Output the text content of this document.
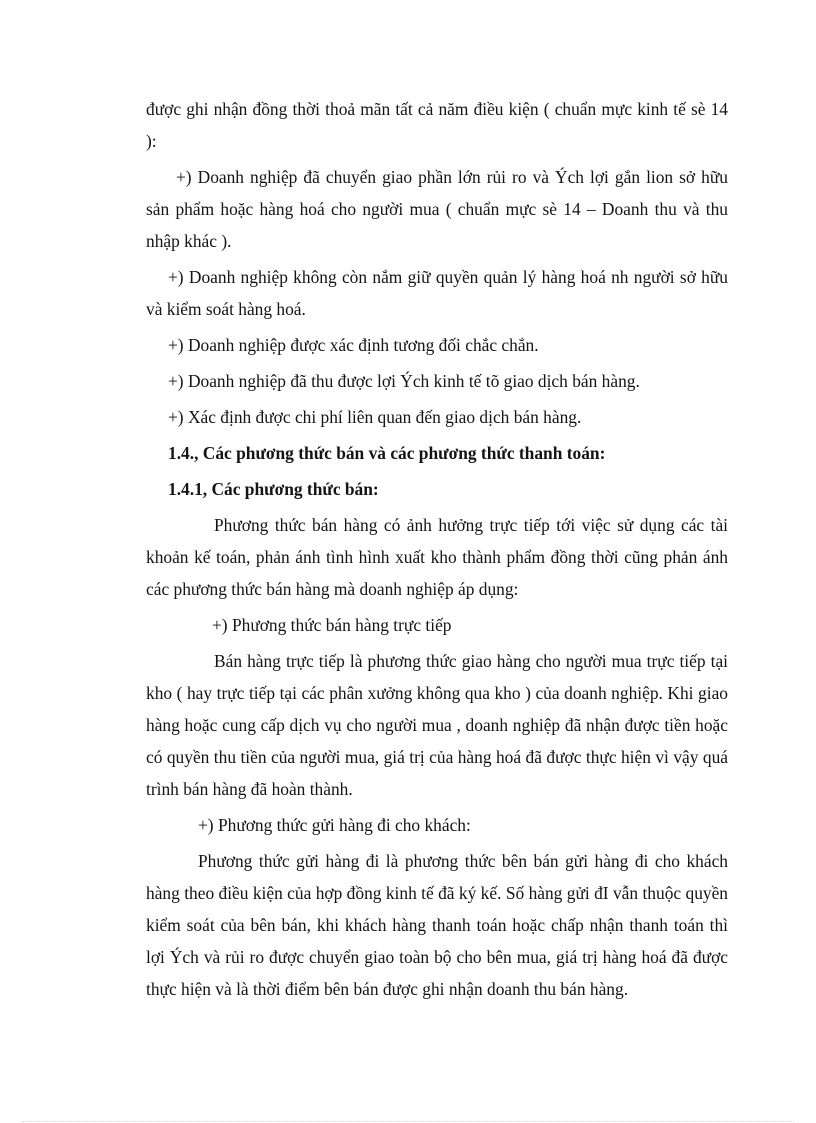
được ghi nhận đồng thời thoả mãn tất cả năm điều kiện ( chuẩn mực kinh tế sè 14 ):

+) Doanh nghiệp đã chuyển giao phần lớn rủi ro và Ých lợi gắn lion sở hữu sản phẩm hoặc hàng hoá cho người mua ( chuẩn mực sè 14 – Doanh thu và thu nhập khác ).

+) Doanh nghiệp không còn nắm giữ quyền quản lý hàng hoá nh người sở hữu và kiểm soát hàng hoá.

+) Doanh nghiệp được xác định tương đối chắc chắn.

+) Doanh nghiệp đã thu được lợi Ých kinh tế tõ giao dịch bán hàng.

+) Xác định được chi phí liên quan đến giao dịch bán hàng.

1.4., Các phương thức bán và các phương thức thanh toán:

1.4.1, Các phương thức bán:

Phương thức bán hàng có ảnh hưởng trực tiếp tới việc sử dụng các tài khoản kế toán, phản ánh tình hình xuất kho thành phẩm đồng thời cũng phản ánh các phương thức bán hàng mà doanh nghiệp áp dụng:

+) Phương thức bán hàng trực tiếp

Bán hàng trực tiếp là phương thức giao hàng cho người mua trực tiếp tại kho ( hay trực tiếp tại các phân xưởng không qua kho ) của doanh nghiệp. Khi giao hàng hoặc cung cấp dịch vụ cho người mua , doanh nghiệp đã nhận được tiền hoặc có quyền thu tiền của người mua, giá trị của hàng hoá đã được thực hiện vì vậy quá trình bán hàng đã hoàn thành.

+) Phương thức gửi hàng đi cho khách:

Phương thức gửi hàng đi là phương thức bên bán gửi hàng đi cho khách hàng theo điều kiện của hợp đồng kinh tế đã ký kế. Số hàng gửi đI vẫn thuộc quyền kiểm soát của bên bán, khi khách hàng thanh toán hoặc chấp nhận thanh toán thì lợi Ých và rủi ro được chuyển giao toàn bộ cho bên mua, giá trị hàng hoá đã được thực hiện và là thời điểm bên bán được ghi nhận doanh thu bán hàng.
